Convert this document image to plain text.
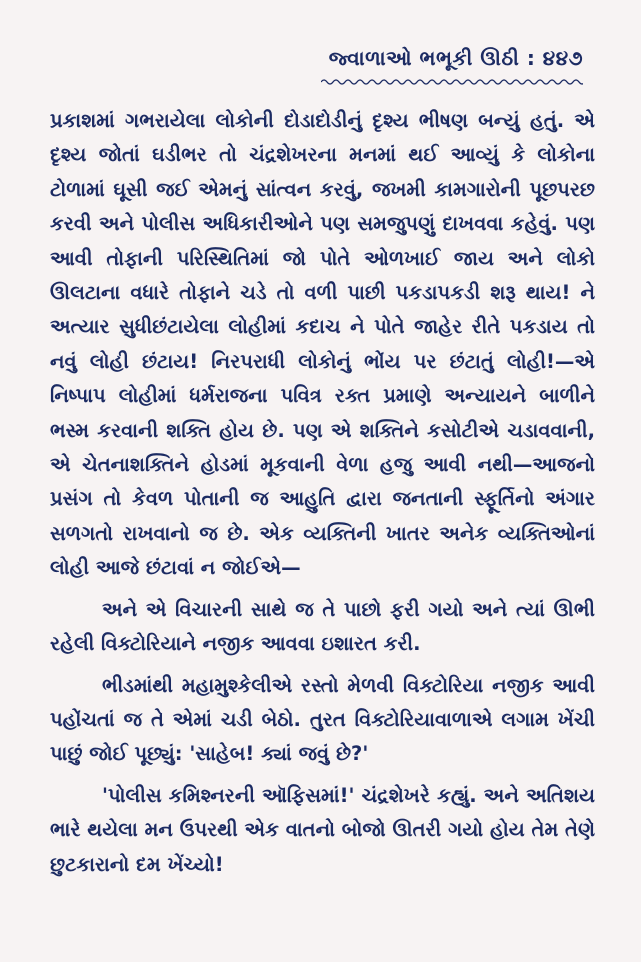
જ્વાળાઓ ભભૂકી ઊઠી : ૪૪૭

પ્રકાશમાં ગભરાયેલા લોકોની દોડાદોડીનું દૃશ્ય ભીષણ બન્યું હતું. એ દૃશ્ય જોતાં ઘડીભર તો ચંદ્રશેખરના મનમાં થઈ આવ્યું કે લોકોના ટોળામાં ઘૂસી જઈ એમનું સાંત્વન કરવું, જખમી કામગારોની પૂછપરછ કરવી અને પોલીસ અધિકારીઓને પણ સમજુપણું દાખવવા કહેવું. પણ આવી તોફાની પરિસ્થિતિમાં જો પોતે ઓળખાઈ જાય અને લોકો ઊલટાના વધારે તોફાને ચડે તો વળી પાછી પકડાપકડી શરૂ થાય! ને અત્યાર સુધીછંટાયેલા લોહીમાં કદાચ ને પોતે જાહેર રીતે પકડાય તો નવું લોહી છંટાય! નિરપરાધી લોકોનું ભોંય પર છંટાતું લોહી!—એ નિષ્પાપ લોહીમાં ધર્મરાજના પવિત્ર રક્ત પ્રમાણે અન્યાયને બાળીને ભસ્મ કરવાની શક્તિ હોય છે. પણ એ શક્તિને કસોટીએ ચડાવવાની, એ ચેતનાશક્તિને હોડમાં મૂકવાની વેળા હજુ આવી નથી—આજનો પ્રસંગ તો કેવળ પોતાની જ આહુતિ દ્વારા જનતાની સ્ફૂર્તિનો અંગાર સળગતો રાખવાનો જ છે. એક વ્યક્તિની ખાતર અનેક વ્યક્તિઓનાં લોહી આજે છંટાવાં ન જોઈએ—

અને એ વિચારની સાથે જ તે પાછો ફરી ગયો અને ત્યાં ઊભી રહેલી વિક્ટોરિયાને નજીક આવવા ઇશારત કરી.

ભીડમાંથી મહામુશ્કેલીએ રસ્તો મેળવી વિક્ટોરિયા નજીક આવી પહોંચતાં જ તે એમાં ચડી બેઠો. તુરત વિક્ટોરિયાવાળાએ લગામ ખેંચી પાછું જોઈ પૂછ્યું: 'સાહેબ! ક્યાં જવું છે?'

'પોલીસ કમિશ્નરની ઑફિસમાં!' ચંદ્રશેખરે કહ્યું. અને અતિશય ભારે થયેલા મન ઉપરથી એક વાતનો બોજો ઊતરી ગયો હોય તેમ તેણે છુટકારાનો દમ ખેંચ્યો!
